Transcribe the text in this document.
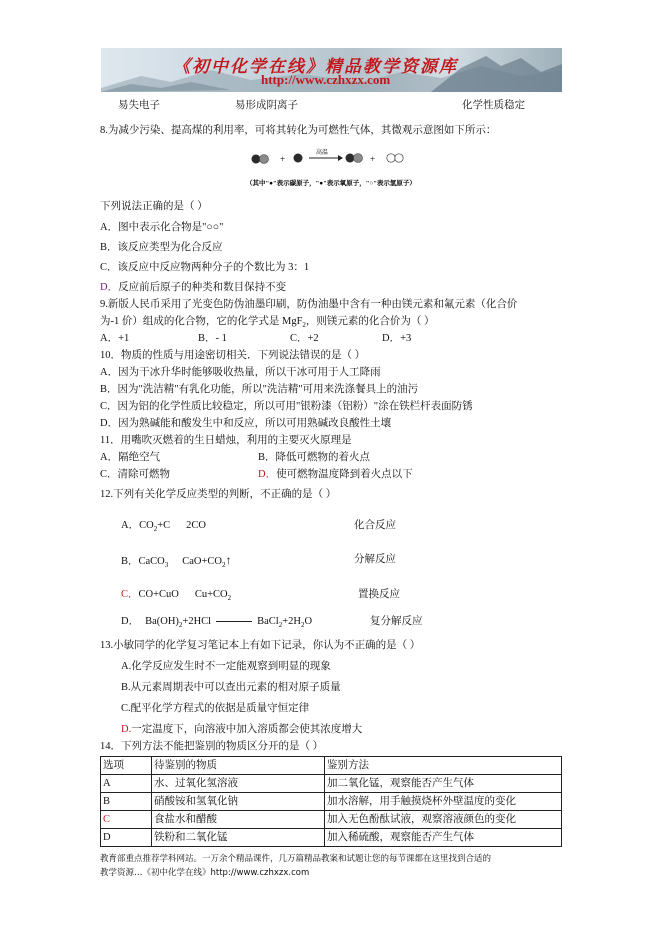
《初中化学在线》精品教学资源库
http://www.czhxzx.com
易失电子	易形成阴离子	化学性质稳定
8.为减少污染、提高煤的利用率，可将其转化为可燃性气体，其微观示意图如下所示：
+
高温
+
（其中"●"表示碳原子，"●"表示氧原子，"○"表示氢原子）
下列说法正确的是（ ）
A．图中表示化合物是"○○"
B．该反应类型为化合反应
C．该反应中反应物两种分子的个数比为 3：1
D．反应前后原子的种类和数目保持不变
9.新版人民币采用了光变色防伪油墨印刷，防伪油墨中含有一种由镁元素和氟元素（化合价
为-1 价）组成的化合物，它的化学式是 MgF$_2$，则镁元素的化合价为（ ）
A．+1	B．- 1	C．+2	D．+3
10．物质的性质与用途密切相关．下列说法错误的是（ ）
A．因为干冰升华时能够吸收热量，所以干冰可用于人工降雨
B．因为"洗洁精"有乳化功能，所以"洗洁精"可用来洗涤餐具上的油污
C．因为铝的化学性质比较稳定，所以可用"银粉漆（铝粉）"涂在铁栏杆表面防锈
D．因为熟碱能和酸发生中和反应，所以可用熟碱改良酸性土壤
11．用嘴吹灭燃着的生日蜡烛，利用的主要灭火原理是
A．隔绝空气	B．降低可燃物的着火点
C．清除可燃物	D．使可燃物温度降到着火点以下
12.下列有关化学反应类型的判断，不正确的是（ ）
A．$CO_2+C$ 2CO	化合反应
B．CaCO$_3$ $CaO+CO_2↑$	分解反应
C．CO+CuO $Cu+CO_2$	置换反应
D． $Ba(OH)_2+2HCl$	$BaCl_2+2H_2O$	复分解反应
13.小敏同学的化学复习笔记本上有如下记录，你认为不正确的是（ ）
A.化学反应发生时不一定能观察到明显的现象
B.从元素周期表中可以查出元素的相对原子质量
C.配平化学方程式的依据是质量守恒定律
D.一定温度下，向溶液中加入溶质都会使其浓度增大
14．下列方法不能把鉴别的物质区分开的是（ ）
选项	待鉴别的物质	鉴别方法
A	水、过氧化氢溶液	加二氧化锰，观察能否产生气体
B	硝酸铵和氢氧化钠	加水溶解，用手触摸烧杯外壁温度的变化
C	食盐水和醋酸	加入无色酚酞试液，观察溶液颜色的变化
D	铁粉和二氧化锰	加入稀硫酸，观察能否产生气体
教育部重点推荐学科网站。一万余个精品课件，几万篇精品教案和试题让您的每节课都在这里找到合适的
教学资源…《初中化学在线》http://www.czhxzx.com
